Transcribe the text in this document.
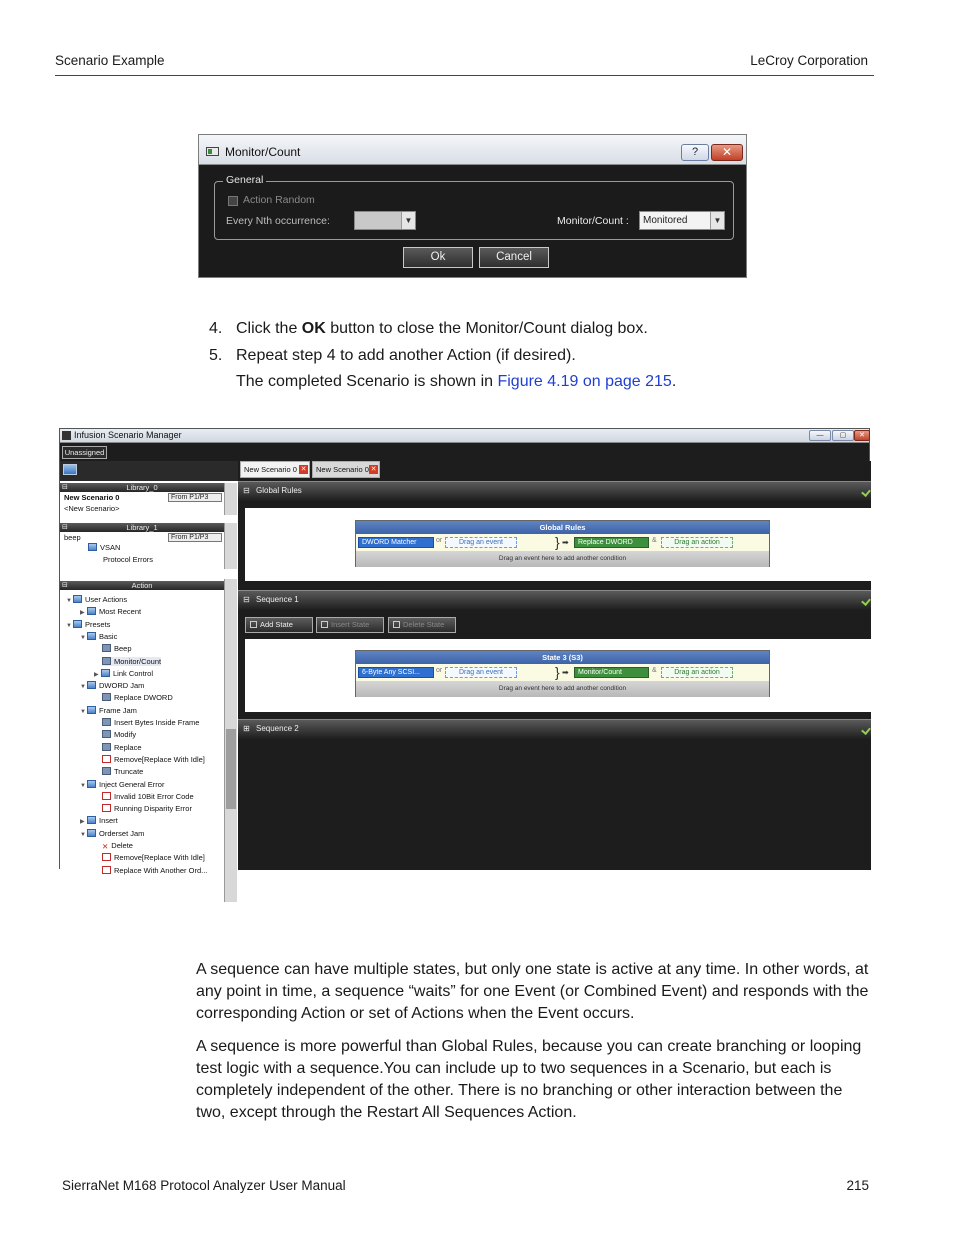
Scenario Example	LeCroy Corporation
Monitor/Count	?	✕
General
Action Random
Every Nth occurrence:	▼	Monitor/Count :	Monitored	▼
Ok	Cancel
4. Click the OK button to close the Monitor/Count dialog box.
5. Repeat step 4 to add another Action (if desired).
The completed Scenario is shown in Figure 4.19 on page 215.
Infusion Scenario Manager	—	▢	✕
Unassigned
⊟	Library_0
New Scenario 0	From P1/P3
<New Scenario>
⊟	Library_1
beep	From P1/P3
VSAN
Protocol Errors
⊟	Action
▼ User Actions
▶ Most Recent
▼ Presets
▼ Basic
Beep
Monitor/Count
▶ Link Control
▼ DWORD Jam
Replace DWORD
▼ Frame Jam
Insert Bytes Inside Frame
Modify
Replace
Remove[Replace With Idle]
Truncate
▼ Inject General Error
Invalid 10Bit Error Code
Running Disparity Error
▶ Insert
▼ Orderset Jam
✕ Delete
Remove[Replace With Idle]
Replace With Another Ord...
New Scenario 0 ✕	New Scenario 0 ✕
⊟ Global Rules
Global Rules
DWORD Matcher	or	Drag an event	} ➡	Replace DWORD	&	Drag an action
Drag an event here to add another condition
⊟ Sequence 1
Add State	Insert State	Delete State
State 3 (S3)
6-Byte Any SCSI...	or	Drag an event	} ➡	Monitor/Count	&	Drag an action
Drag an event here to add another condition
⊞ Sequence 2
A sequence can have multiple states, but only one state is active at any time. In other words, at any point in time, a sequence “waits” for one Event (or Combined Event) and responds with the corresponding Action or set of Actions when the Event occurs.
A sequence is more powerful than Global Rules, because you can create branching or looping test logic with a sequence.You can include up to two sequences in a Scenario, but each is completely independent of the other. There is no branching or other interaction between the two, except through the Restart All Sequences Action.
SierraNet M168 Protocol Analyzer User Manual	215
